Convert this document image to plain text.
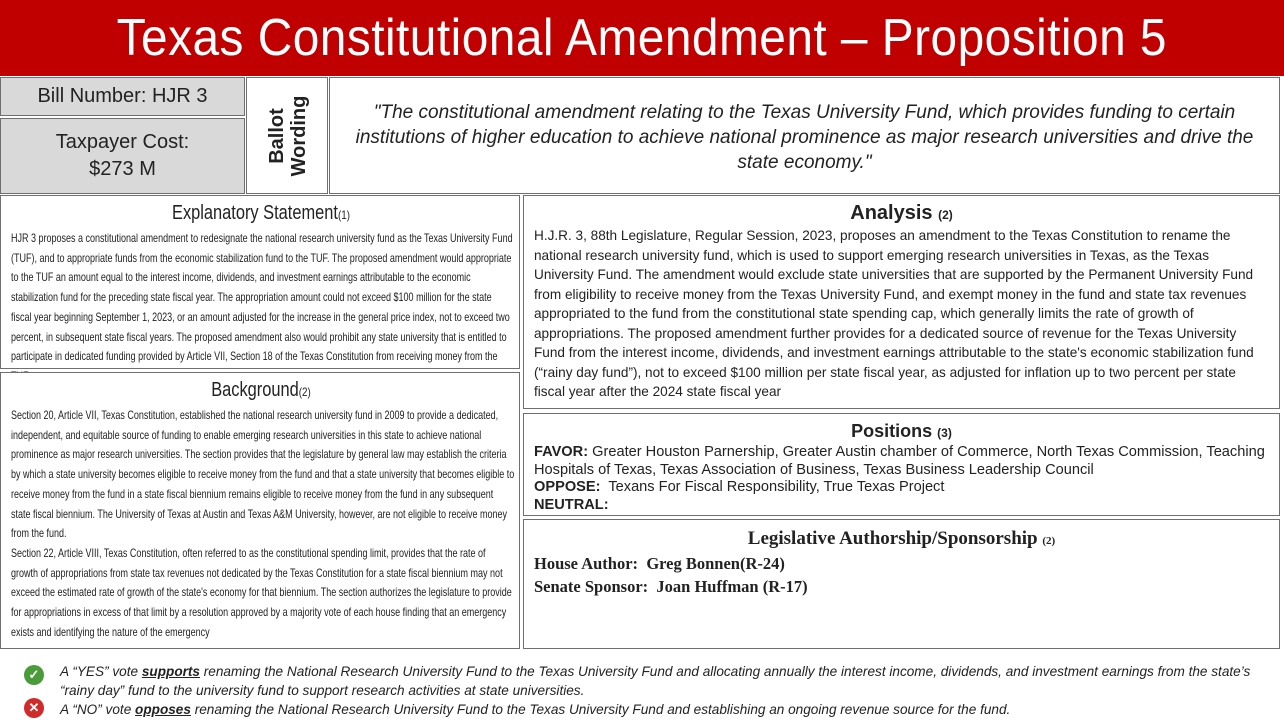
Texas Constitutional Amendment – Proposition 5
Bill Number: HJR 3
Taxpayer Cost:
$273 M
Ballot
Wording	"The constitutional amendment relating to the Texas University Fund, which provides funding to certain institutions of higher education to achieve national prominence as major research universities and drive the state economy."
Explanatory Statement(1)
HJR 3 proposes a constitutional amendment to redesignate the national research university fund as the Texas University Fund (TUF), and to appropriate funds from the economic stabilization fund to the TUF. The proposed amendment would appropriate to the TUF an amount equal to the interest income, dividends, and investment earnings attributable to the economic stabilization fund for the preceding state fiscal year. The appropriation amount could not exceed $100 million for the state fiscal year beginning September 1, 2023, or an amount adjusted for the increase in the general price index, not to exceed two percent, in subsequent state fiscal years. The proposed amendment also would prohibit any state university that is entitled to participate in dedicated funding provided by Article VII, Section 18 of the Texas Constitution from receiving money from the
Background(2)
Section 20, Article VII, Texas Constitution, established the national research university fund in 2009 to provide a dedicated, independent, and equitable source of funding to enable emerging research universities in this state to achieve national prominence as major research universities. The section provides that the legislature by general law may establish the criteria by which a state university becomes eligible to receive money from the fund and that a state university that becomes eligible to receive money from the fund in a state fiscal biennium remains eligible to receive money from the fund in any subsequent state fiscal biennium. The University of Texas at Austin and Texas A&M University, however, are not eligible to receive money from the fund.
Section 22, Article VIII, Texas Constitution, often referred to as the constitutional spending limit, provides that the rate of growth of appropriations from state tax revenues not dedicated by the Texas Constitution for a state fiscal biennium may not exceed the estimated rate of growth of the state's economy for that biennium. The section authorizes the legislature to provide for appropriations in excess of that limit by a resolution approved by a majority vote of each house finding that an emergency exists and identifying the nature of the emergency
Analysis (2)
H.J.R. 3, 88th Legislature, Regular Session, 2023, proposes an amendment to the Texas Constitution to rename the national research university fund, which is used to support emerging research universities in Texas, as the Texas University Fund. The amendment would exclude state universities that are supported by the Permanent University Fund from eligibility to receive money from the Texas University Fund, and exempt money in the fund and state tax revenues appropriated to the fund from the constitutional state spending cap, which generally limits the rate of growth of appropriations. The proposed amendment further provides for a dedicated source of revenue for the Texas University Fund from the interest income, dividends, and investment earnings attributable to the state's economic stabilization fund (“rainy day fund”), not to exceed $100 million per state fiscal year, as adjusted for inflation up to two percent per state fiscal year after the 2024 state fiscal year
Positions (3)
FAVOR: Greater Houston Parnership, Greater Austin chamber of Commerce, North Texas Commission, Teaching Hospitals of Texas, Texas Association of Business, Texas Business Leadership Council
OPPOSE: Texans For Fiscal Responsibility, True Texas Project
NEUTRAL:
Legislative Authorship/Sponsorship (2)
House Author: Greg Bonnen(R-24)
Senate Sponsor: Joan Huffman (R-17)
✓	A “YES” vote supports renaming the National Research University Fund to the Texas University Fund and allocating annually the interest income, dividends, and investment earnings from the state’s “rainy day” fund to the university fund to support research activities at state universities.
✕	A “NO” vote opposes renaming the National Research University Fund to the Texas University Fund and establishing an ongoing revenue source for the fund.
